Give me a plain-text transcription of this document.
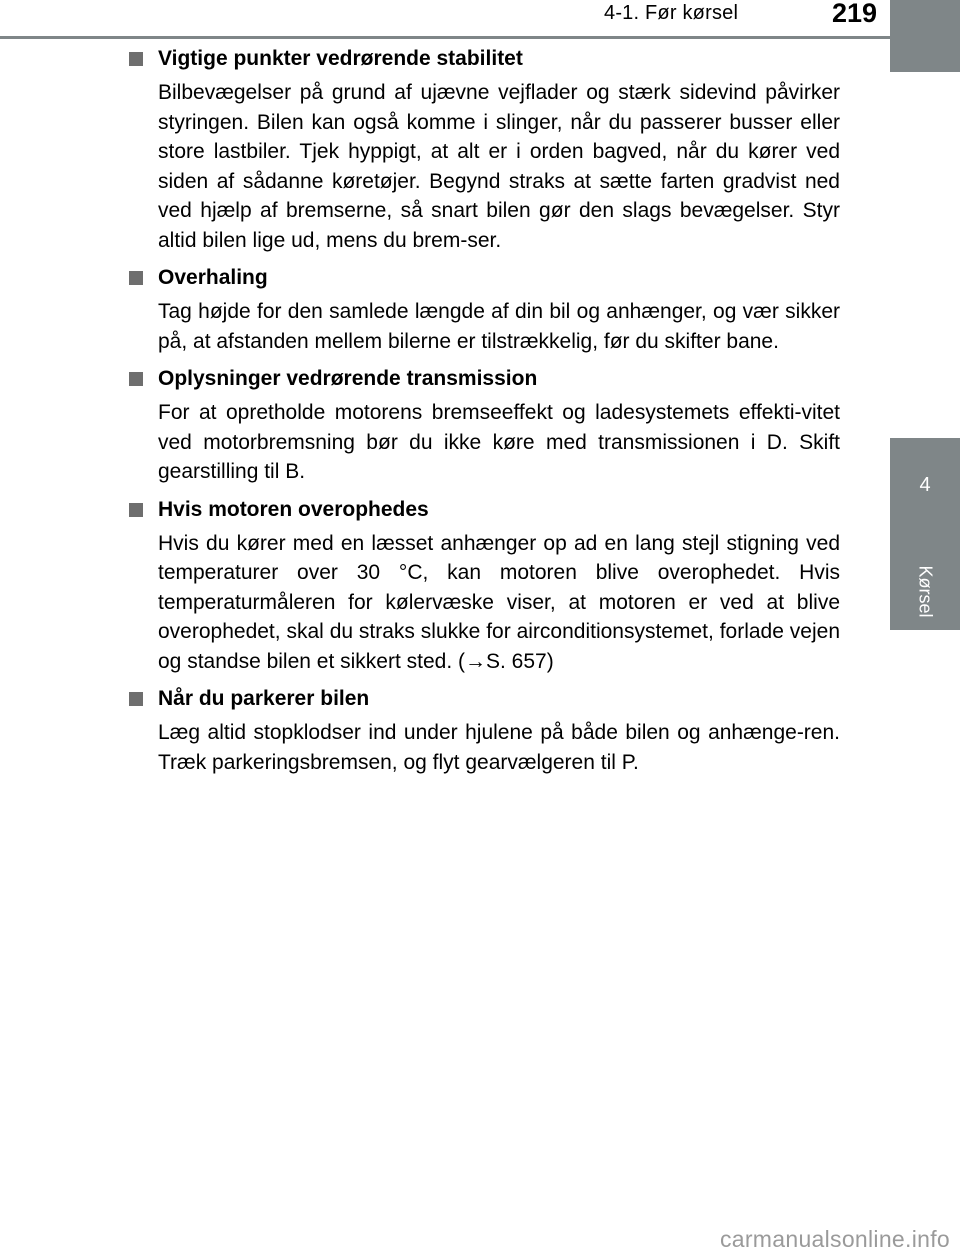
4-1. Før kørsel	219
4
Kørsel
Vigtige punkter vedrørende stabilitet
Bilbevægelser på grund af ujævne vejflader og stærk sidevind påvirker styringen. Bilen kan også komme i slinger, når du passerer busser eller store lastbiler. Tjek hyppigt, at alt er i orden bagved, når du kører ved siden af sådanne køretøjer. Begynd straks at sætte farten gradvist ned ved hjælp af bremserne, så snart bilen gør den slags bevægelser. Styr altid bilen lige ud, mens du brem-ser.
Overhaling
Tag højde for den samlede længde af din bil og anhænger, og vær sikker på, at afstanden mellem bilerne er tilstrækkelig, før du skifter bane.
Oplysninger vedrørende transmission
For at opretholde motorens bremseeffekt og ladesystemets effekti-vitet ved motorbremsning bør du ikke køre med transmissionen i D. Skift gearstilling til B.
Hvis motoren overophedes
Hvis du kører med en læsset anhænger op ad en lang stejl stigning ved temperaturer over 30 °C, kan motoren blive overophedet. Hvis temperaturmåleren for kølervæske viser, at motoren er ved at blive overophedet, skal du straks slukke for airconditionsystemet, forlade vejen og standse bilen et sikkert sted. (→S. 657)
Når du parkerer bilen
Læg altid stopklodser ind under hjulene på både bilen og anhænge-ren. Træk parkeringsbremsen, og flyt gearvælgeren til P.
carmanualsonline.info
